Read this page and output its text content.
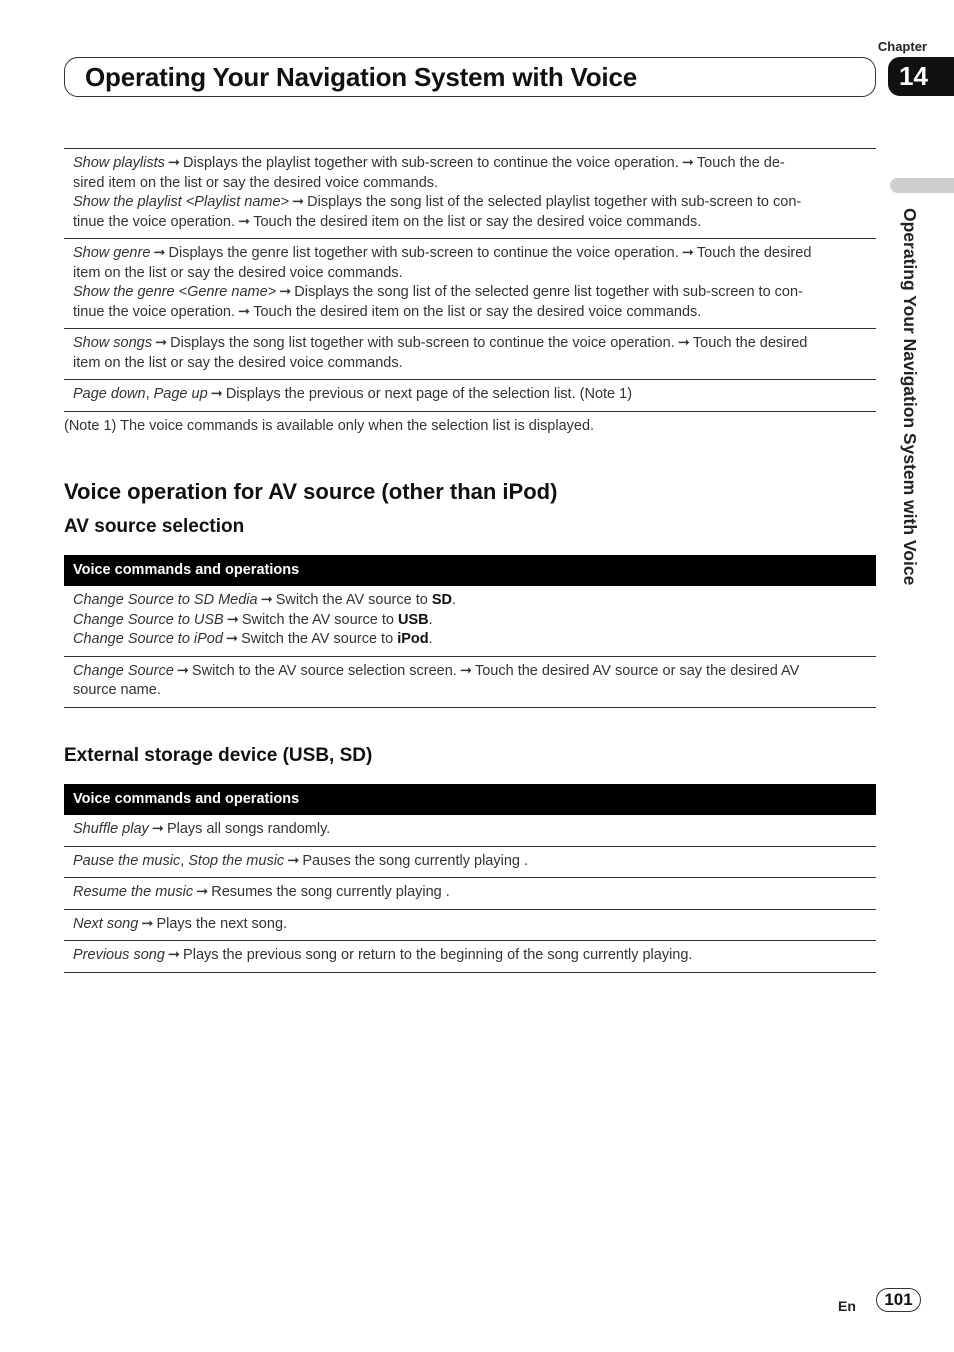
Chapter
14
Operating Your Navigation System with Voice
Operating Your Navigation System with Voice
Show playlists ➞ Displays the playlist together with sub-screen to continue the voice operation. ➞ Touch the de-
sired item on the list or say the desired voice commands.
Show the playlist <Playlist name> ➞ Displays the song list of the selected playlist together with sub-screen to con-
tinue the voice operation. ➞ Touch the desired item on the list or say the desired voice commands.
Show genre ➞ Displays the genre list together with sub-screen to continue the voice operation. ➞ Touch the desired
item on the list or say the desired voice commands.
Show the genre <Genre name> ➞ Displays the song list of the selected genre list together with sub-screen to con-
tinue the voice operation. ➞ Touch the desired item on the list or say the desired voice commands.
Show songs ➞ Displays the song list together with sub-screen to continue the voice operation. ➞ Touch the desired
item on the list or say the desired voice commands.
Page down, Page up ➞ Displays the previous or next page of the selection list. (Note 1)
(Note 1) The voice commands is available only when the selection list is displayed.
Voice operation for AV source (other than iPod)
AV source selection
Voice commands and operations
Change Source to SD Media ➞ Switch the AV source to SD.
Change Source to USB ➞ Switch the AV source to USB.
Change Source to iPod ➞ Switch the AV source to iPod.
Change Source ➞ Switch to the AV source selection screen. ➞ Touch the desired AV source or say the desired AV
source name.
External storage device (USB, SD)
Voice commands and operations
Shuffle play ➞ Plays all songs randomly.
Pause the music, Stop the music ➞ Pauses the song currently playing .
Resume the music ➞ Resumes the song currently playing .
Next song ➞ Plays the next song.
Previous song ➞ Plays the previous song or return to the beginning of the song currently playing.
En	101
